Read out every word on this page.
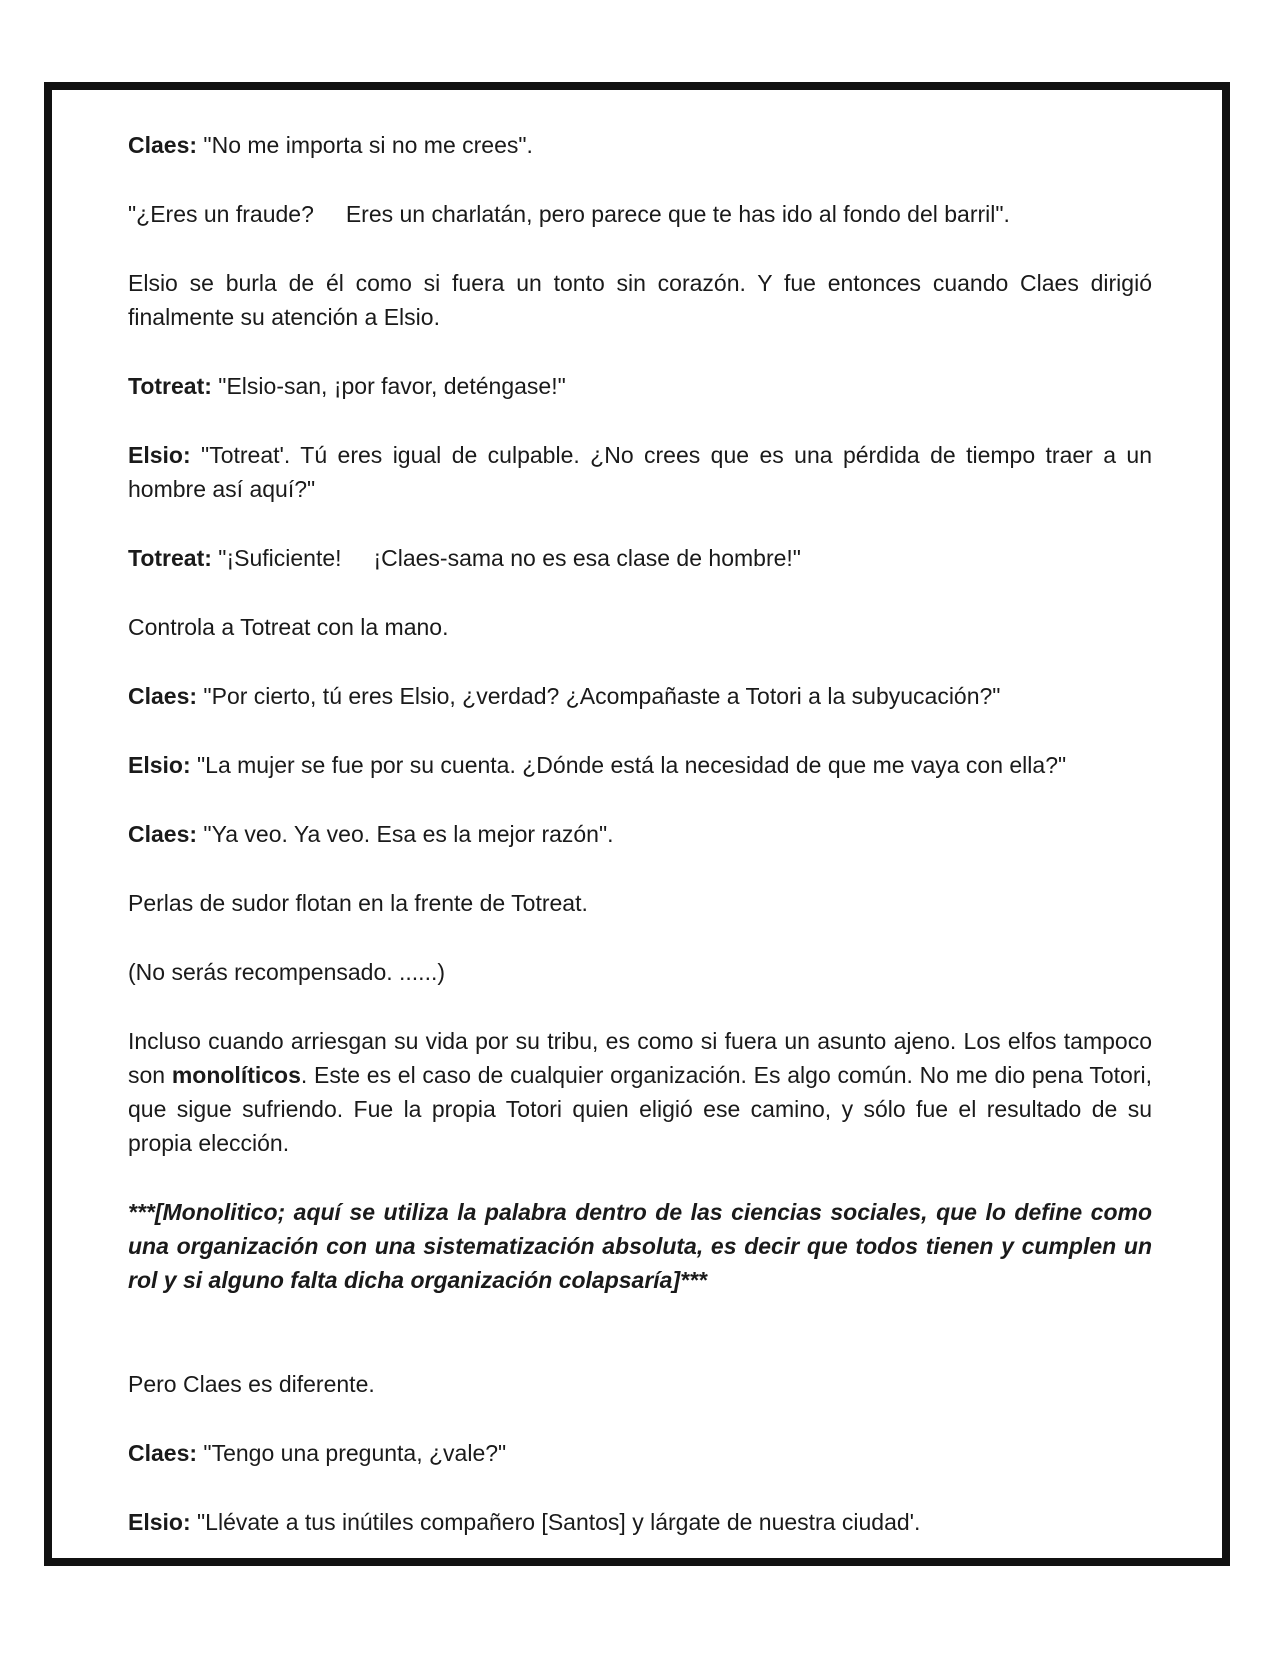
Claes: "No me importa si no me crees".

"¿Eres un fraude?     Eres un charlatán, pero parece que te has ido al fondo del barril".

Elsio se burla de él como si fuera un tonto sin corazón. Y fue entonces cuando Claes dirigió finalmente su atención a Elsio.

Totreat: "Elsio-san, ¡por favor, deténgase!"

Elsio: "Totreat'. Tú eres igual de culpable. ¿No crees que es una pérdida de tiempo traer a un hombre así aquí?"

Totreat: "¡Suficiente!     ¡Claes-sama no es esa clase de hombre!"

Controla a Totreat con la mano.

Claes: "Por cierto, tú eres Elsio, ¿verdad? ¿Acompañaste a Totori a la subyucación?"

Elsio: "La mujer se fue por su cuenta. ¿Dónde está la necesidad de que me vaya con ella?"

Claes: "Ya veo. Ya veo. Esa es la mejor razón".

Perlas de sudor flotan en la frente de Totreat.

(No serás recompensado. ......)

Incluso cuando arriesgan su vida por su tribu, es como si fuera un asunto ajeno. Los elfos tampoco son monolíticos. Este es el caso de cualquier organización. Es algo común. No me dio pena Totori, que sigue sufriendo. Fue la propia Totori quien eligió ese camino, y sólo fue el resultado de su propia elección.

***[Monolitico; aquí se utiliza la palabra dentro de las ciencias sociales, que lo define como una organización con una sistematización absoluta, es decir que todos tienen y cumplen un rol y si alguno falta dicha organización colapsaría]***

Pero Claes es diferente.

Claes: "Tengo una pregunta, ¿vale?"

Elsio: "Llévate a tus inútiles compañero [Santos] y lárgate de nuestra ciudad'.
